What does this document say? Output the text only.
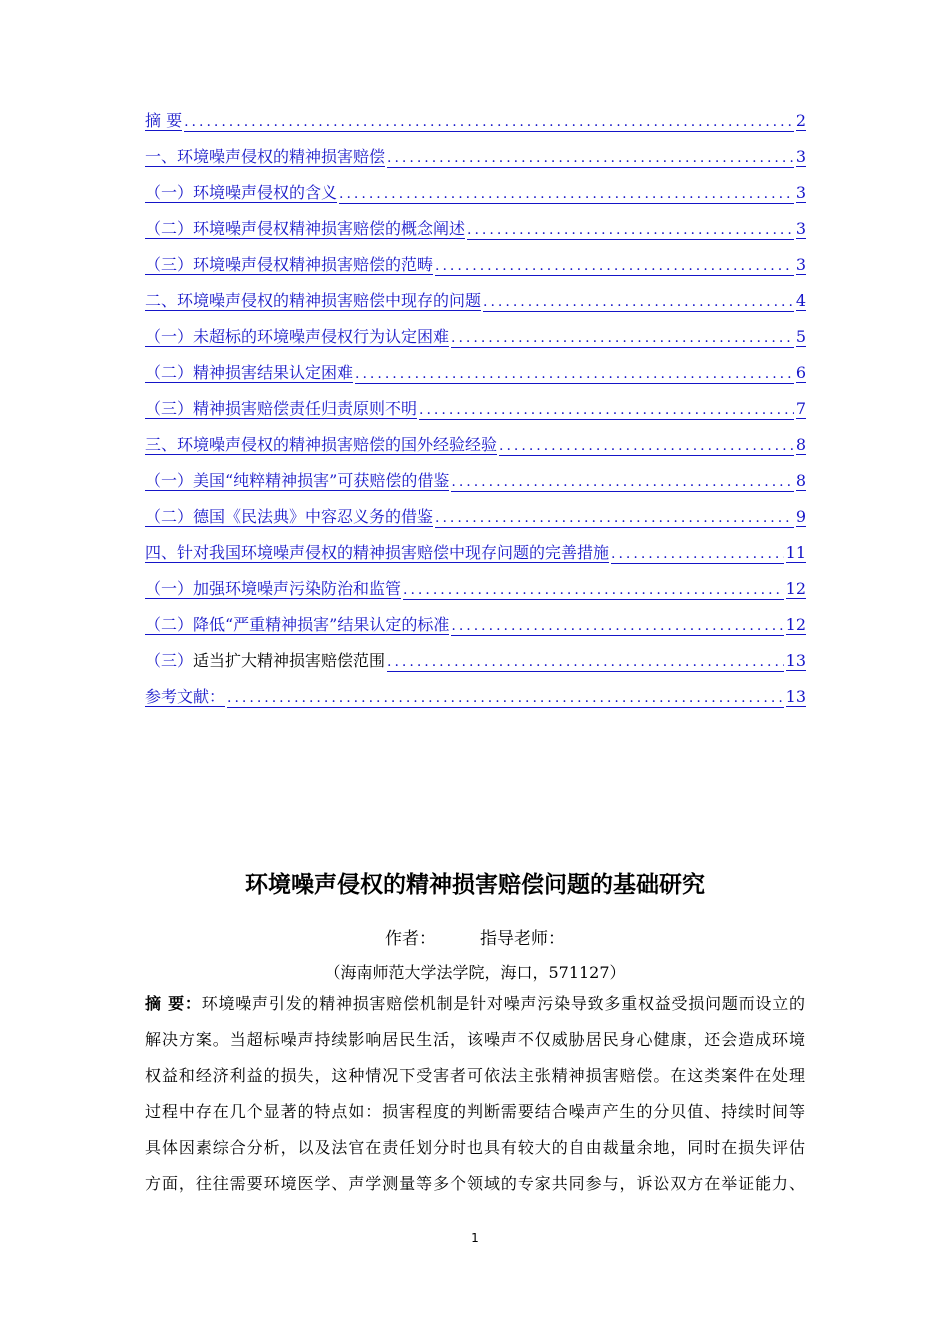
摘 要 .....	2
一、环境噪声侵权的精神损害赔偿 .....	3
（一）环境噪声侵权的含义 .....	3
（二）环境噪声侵权精神损害赔偿的概念阐述 .....	3
（三）环境噪声侵权精神损害赔偿的范畴 .....	3
二、环境噪声侵权的精神损害赔偿中现存的问题 .....	4
（一）未超标的环境噪声侵权行为认定困难 .....	5
（二）精神损害结果认定困难 .....	6
（三）精神损害赔偿责任归责原则不明 .....	7
三、环境噪声侵权的精神损害赔偿的国外经验经验 .....	8
（一）美国“纯粹精神损害”可获赔偿的借鉴 .....	8
（二）德国《民法典》中容忍义务的借鉴 .....	9
四、针对我国环境噪声侵权的精神损害赔偿中现存问题的完善措施 .....	11
（一）加强环境噪声污染防治和监管 .....	12
（二）降低“严重精神损害”结果认定的标准 .....	12
（三）适当扩大精神损害赔偿范围 .....	13
参考文献： .....	13
环境噪声侵权的精神损害赔偿问题的基础研究
作者：	指导老师：
（海南师范大学法学院，海口，571127）
摘 要：环境噪声引发的精神损害赔偿机制是针对噪声污染导致多重权益受损问题而设立的
解决方案。当超标噪声持续影响居民生活，该噪声不仅威胁居民身心健康，还会造成环境
权益和经济利益的损失，这种情况下受害者可依法主张精神损害赔偿。在这类案件在处理
过程中存在几个显著的特点如：损害程度的判断需要结合噪声产生的分贝值、持续时间等
具体因素综合分析，以及法官在责任划分时也具有较大的自由裁量余地，同时在损失评估
方面，往往需要环境医学、声学测量等多个领域的专家共同参与，诉讼双方在举证能力、
1
